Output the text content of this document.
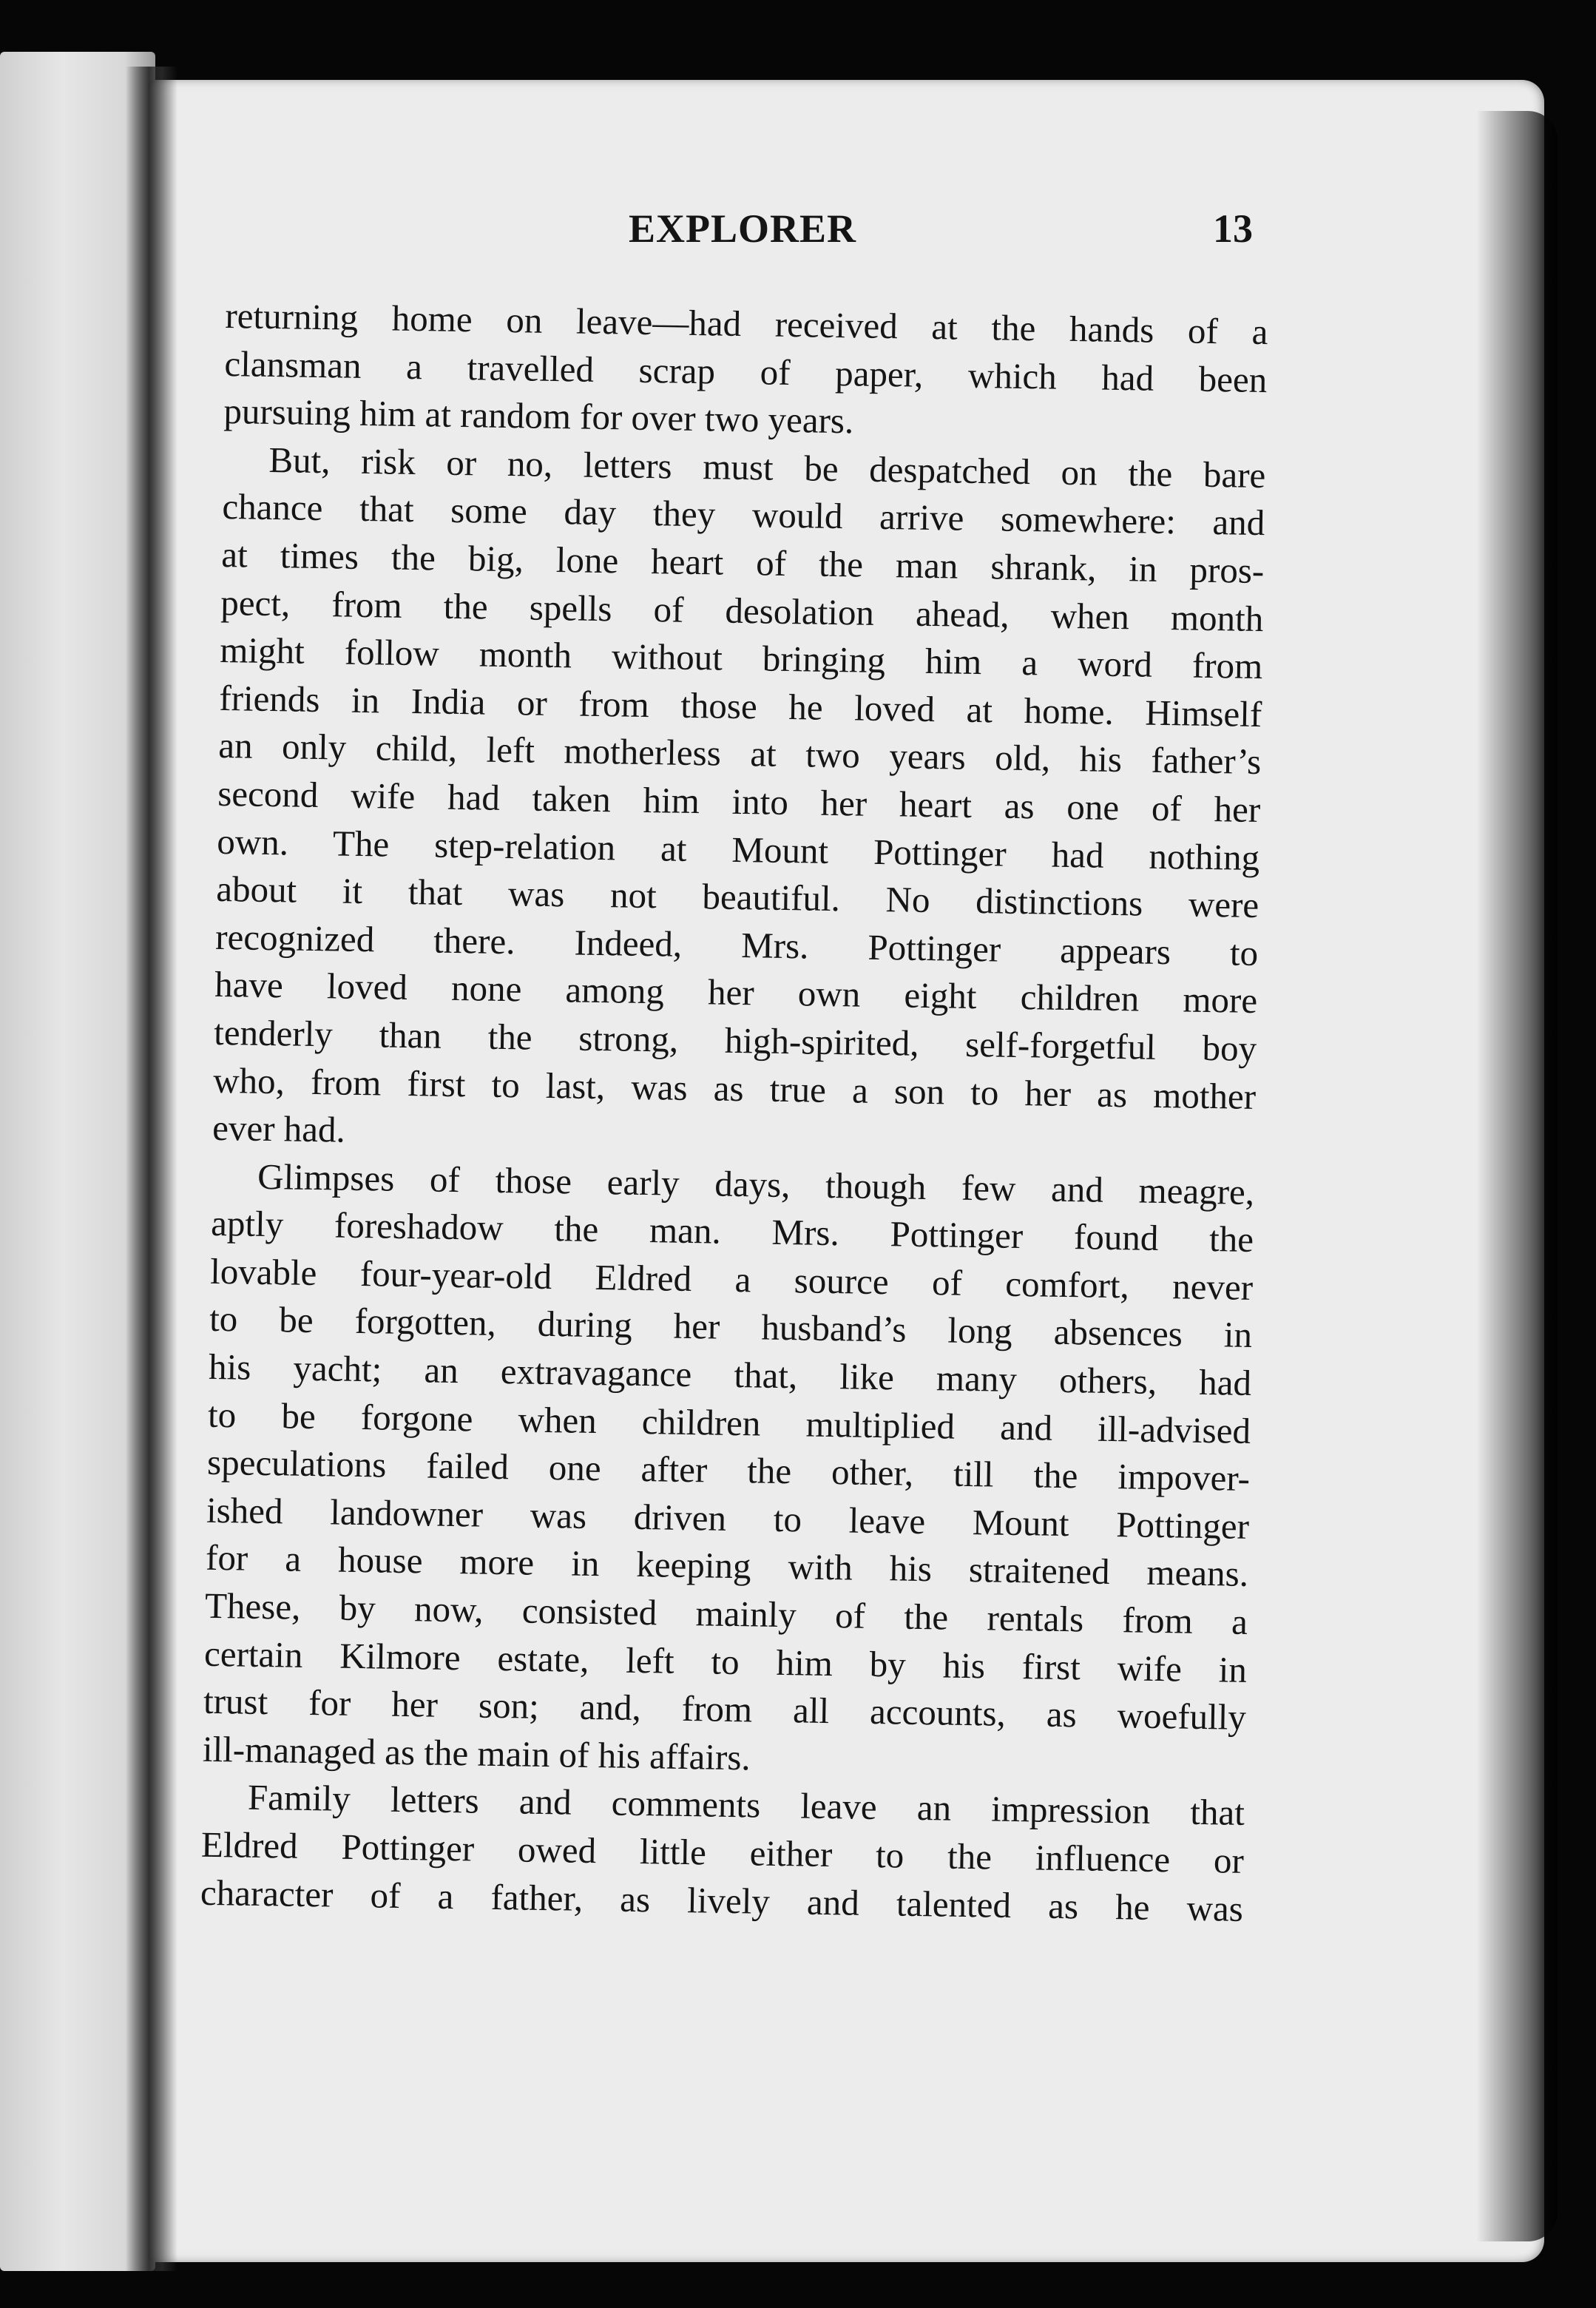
EXPLORER	13
returning home on leave—had received at the hands of a
clansman a travelled scrap of paper, which had been
pursuing him at random for over two years.
But, risk or no, letters must be despatched on the bare
chance that some day they would arrive somewhere: and
at times the big, lone heart of the man shrank, in pros-
pect, from the spells of desolation ahead, when month
might follow month without bringing him a word from
friends in India or from those he loved at home. Himself
an only child, left motherless at two years old, his father’s
second wife had taken him into her heart as one of her
own. The step-relation at Mount Pottinger had nothing
about it that was not beautiful. No distinctions were
recognized there. Indeed, Mrs. Pottinger appears to
have loved none among her own eight children more
tenderly than the strong, high-spirited, self-forgetful boy
who, from first to last, was as true a son to her as mother
ever had.
Glimpses of those early days, though few and meagre,
aptly foreshadow the man. Mrs. Pottinger found the
lovable four-year-old Eldred a source of comfort, never
to be forgotten, during her husband’s long absences in
his yacht; an extravagance that, like many others, had
to be forgone when children multiplied and ill-advised
speculations failed one after the other, till the impover-
ished landowner was driven to leave Mount Pottinger
for a house more in keeping with his straitened means.
These, by now, consisted mainly of the rentals from a
certain Kilmore estate, left to him by his first wife in
trust for her son; and, from all accounts, as woefully
ill-managed as the main of his affairs.
Family letters and comments leave an impression that
Eldred Pottinger owed little either to the influence or
character of a father, as lively and talented as he was
